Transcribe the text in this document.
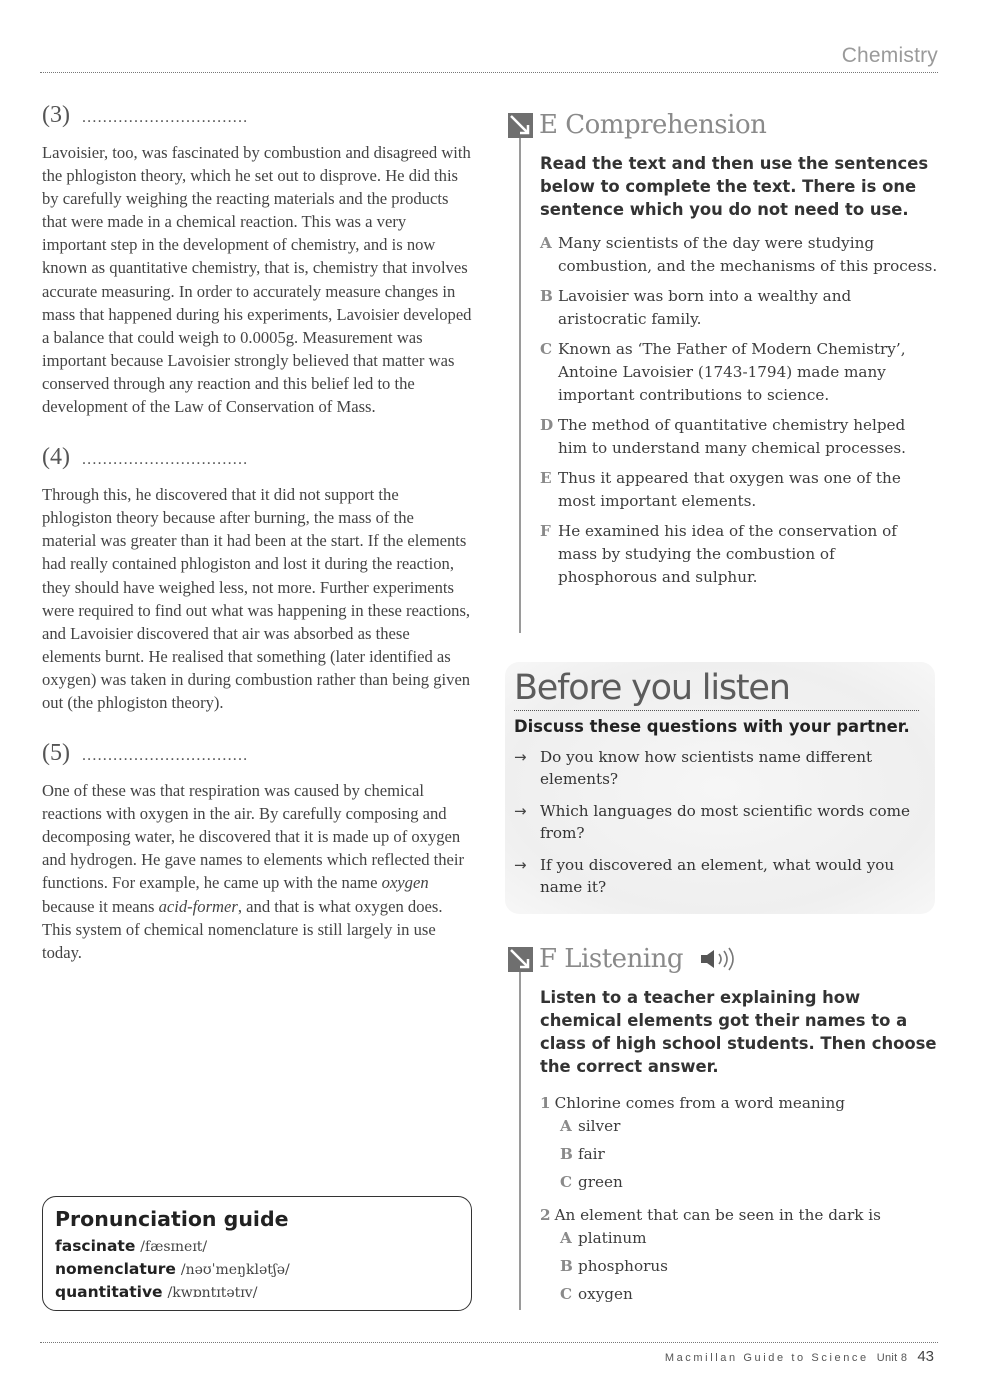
Chemistry
(3) ................................

Lavoisier, too, was fascinated by combustion and disagreed with the phlogiston theory, which he set out to disprove. He did this by carefully weighing the reacting materials and the products that were made in a chemical reaction. This was a very important step in the development of chemistry, and is now known as quantitative chemistry, that is, chemistry that involves accurate measuring. In order to accurately measure changes in mass that happened during his experiments, Lavoisier developed a balance that could weigh to 0.0005g. Measurement was important because Lavoisier strongly believed that matter was conserved through any reaction and this belief led to the development of the Law of Conservation of Mass.

(4) ................................

Through this, he discovered that it did not support the phlogiston theory because after burning, the mass of the material was greater than it had been at the start. If the elements had really contained phlogiston and lost it during the reaction, they should have weighed less, not more. Further experiments were required to find out what was happening in these reactions, and Lavoisier discovered that air was absorbed as these elements burnt. He realised that something (later identified as oxygen) was taken in during combustion rather than being given out (the phlogiston theory).

(5) ................................

One of these was that respiration was caused by chemical reactions with oxygen in the air. By carefully composing and decomposing water, he discovered that it is made up of oxygen and hydrogen. He gave names to elements which reflected their functions. For example, he came up with the name oxygen because it means acid-former, and that is what oxygen does. This system of chemical nomenclature is still largely in use today.

Pronunciation guide
fascinate /fæsɪneɪt/
nomenclature /nəʊˈmeŋklətʃə/
quantitative /kwɒntɪtətɪv/
E Comprehension
Read the text and then use the sentences below to complete the text. There is one sentence which you do not need to use.
A Many scientists of the day were studying combustion, and the mechanisms of this process.
B Lavoisier was born into a wealthy and aristocratic family.
C Known as ‘The Father of Modern Chemistry’, Antoine Lavoisier (1743-1794) made many important contributions to science.
D The method of quantitative chemistry helped him to understand many chemical processes.
E Thus it appeared that oxygen was one of the most important elements.
F He examined his idea of the conservation of mass by studying the combustion of phosphorous and sulphur.
Before you listen
Discuss these questions with your partner.
→ Do you know how scientists name different elements?
→ Which languages do most scientific words come from?
→ If you discovered an element, what would you name it?
F Listening
Listen to a teacher explaining how chemical elements got their names to a class of high school students. Then choose the correct answer.
1 Chlorine comes from a word meaning
A silver
B fair
C green
2 An element that can be seen in the dark is
A platinum
B phosphorus
C oxygen
Macmillan Guide to Science Unit 8 43
